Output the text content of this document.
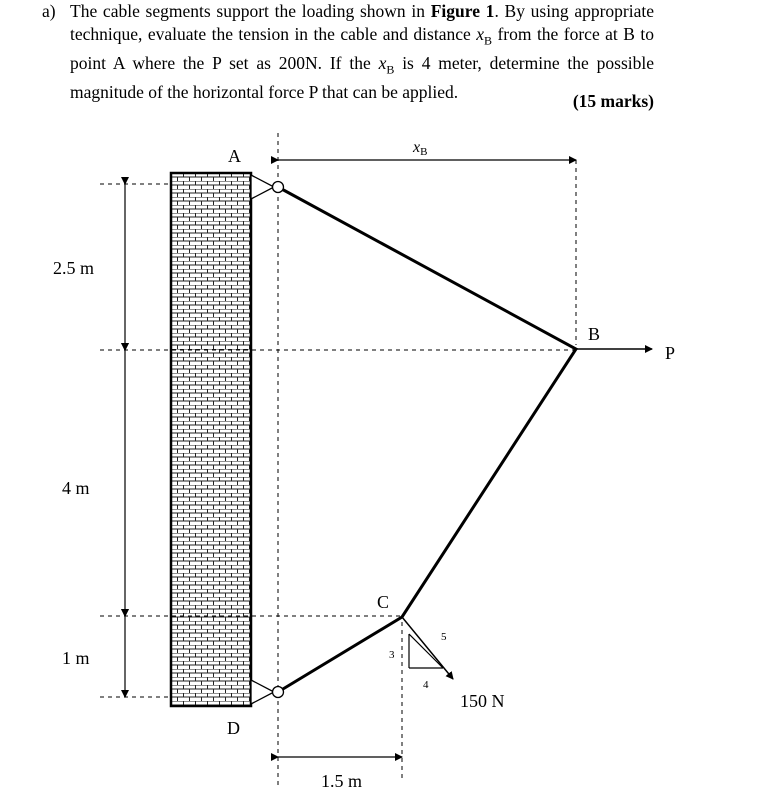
a) The cable segments support the loading shown in Figure 1. By using appropriate technique, evaluate the tension in the cable and distance $x_B$ from the force at B to point A where the P set as 200N. If the $x_B$ is 4 meter, determine the possible magnitude of the horizontal force P that can be applied.	(15 marks)
A
B
C
D
P
xB
150 N
2.5 m
4 m
1 m
1.5 m
3
4
5
